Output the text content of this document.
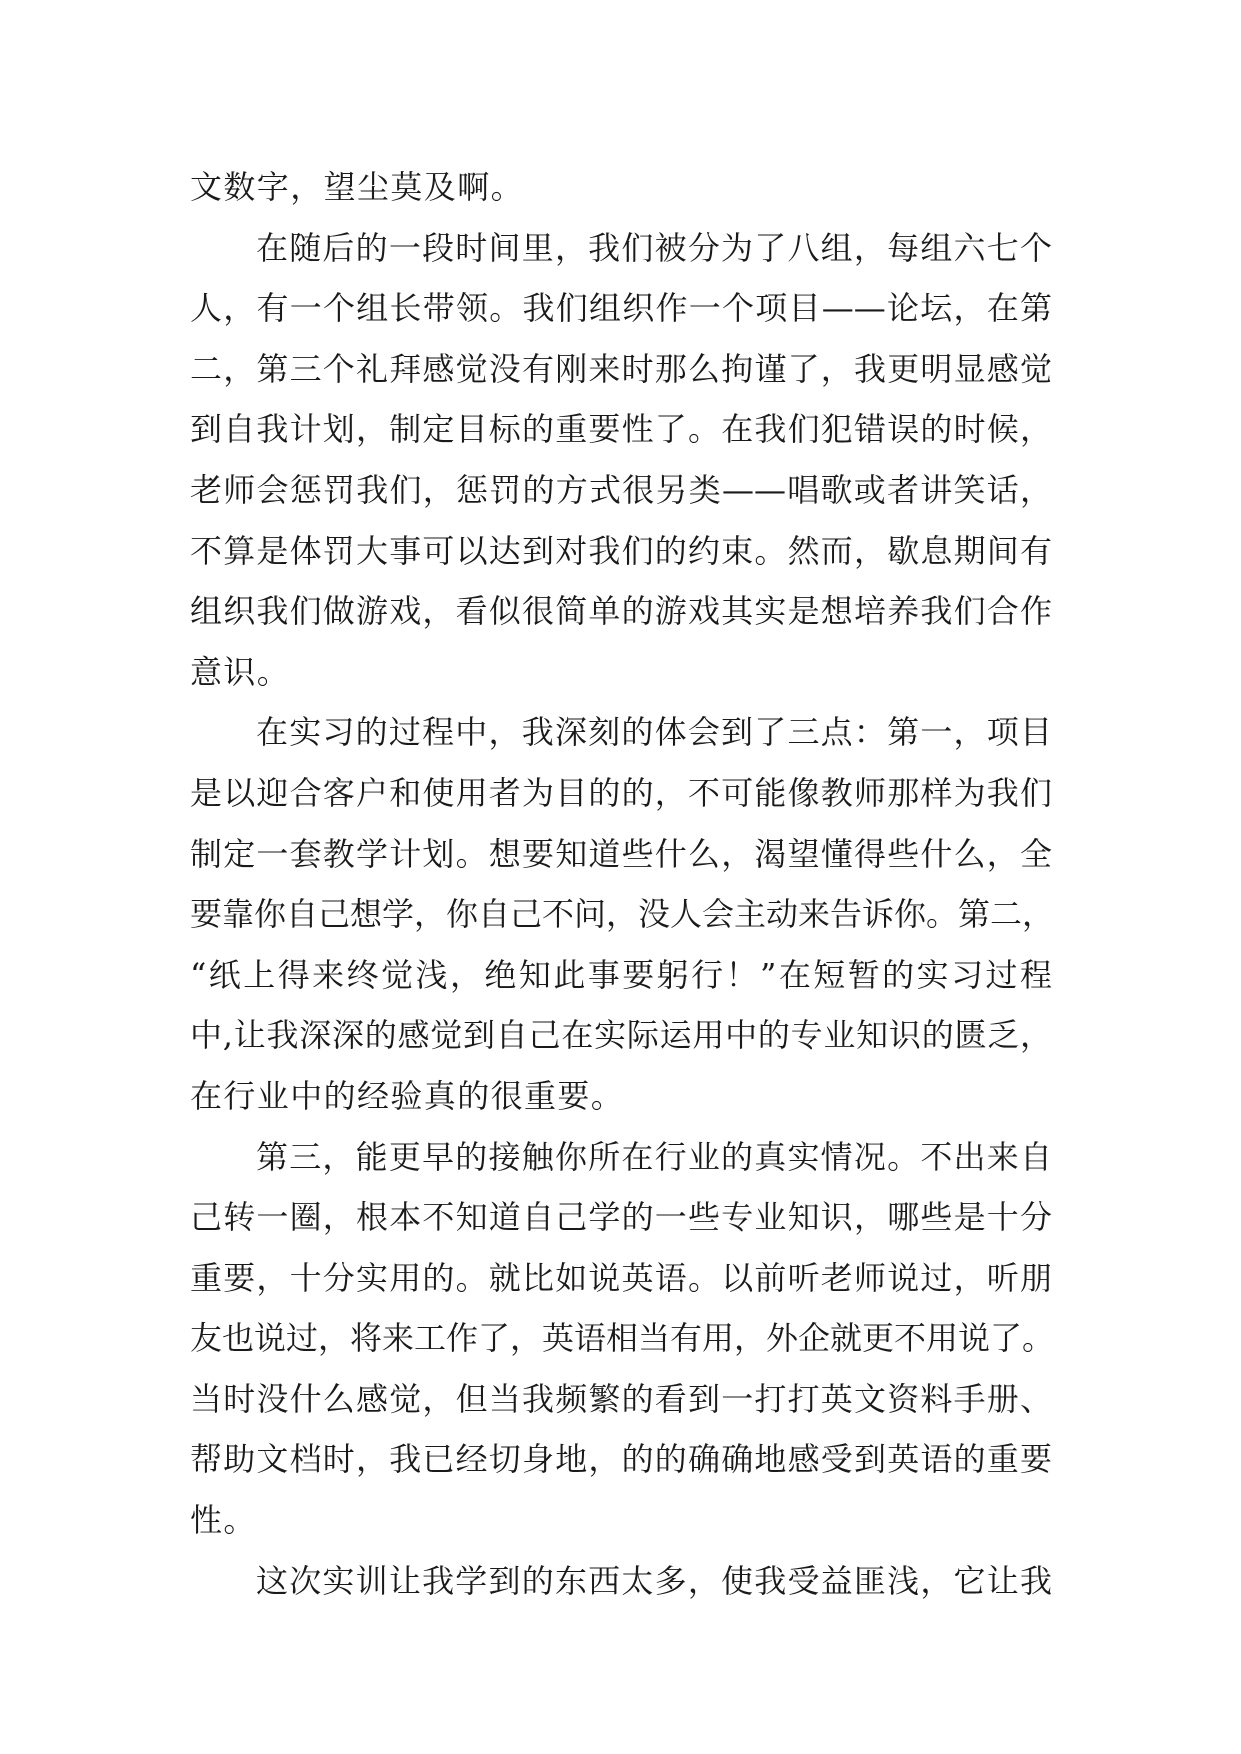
文数字，望尘莫及啊。
在随后的一段时间里，我们被分为了八组，每组六七个
人，有一个组长带领。我们组织作一个项目——论坛，在第
二，第三个礼拜感觉没有刚来时那么拘谨了，我更明显感觉
到自我计划，制定目标的重要性了。在我们犯错误的时候，
老师会惩罚我们，惩罚的方式很另类——唱歌或者讲笑话，
不算是体罚大事可以达到对我们的约束。然而，歇息期间有
组织我们做游戏，看似很简单的游戏其实是想培养我们合作
意识。
在实习的过程中，我深刻的体会到了三点：第一，项目
是以迎合客户和使用者为目的的，不可能像教师那样为我们
制定一套教学计划。想要知道些什么，渴望懂得些什么，全
要靠你自己想学，你自己不问，没人会主动来告诉你。第二，
“纸上得来终觉浅，绝知此事要躬行！”在短暂的实习过程
中,让我深深的感觉到自己在实际运用中的专业知识的匮乏，
在行业中的经验真的很重要。
第三，能更早的接触你所在行业的真实情况。不出来自
己转一圈，根本不知道自己学的一些专业知识，哪些是十分
重要，十分实用的。就比如说英语。以前听老师说过，听朋
友也说过，将来工作了，英语相当有用，外企就更不用说了。
当时没什么感觉，但当我频繁的看到一打打英文资料手册、
帮助文档时，我已经切身地，的的确确地感受到英语的重要
性。
这次实训让我学到的东西太多，使我受益匪浅，它让我
